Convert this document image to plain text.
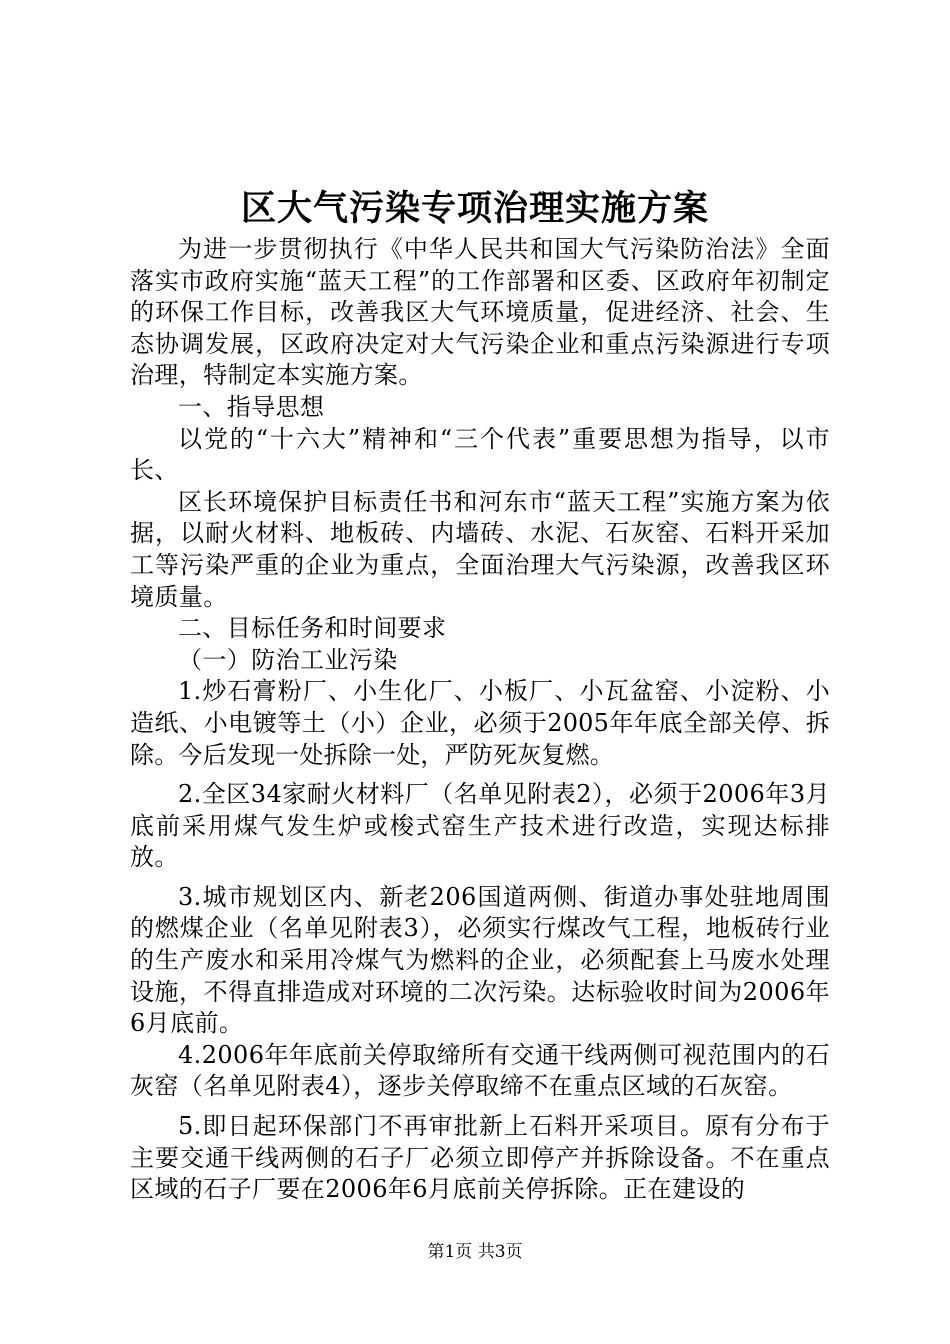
区大气污染专项治理实施方案

为进一步贯彻执行《中华人民共和国大气污染防治法》全面落实市政府实施“蓝天工程”的工作部署和区委、区政府年初制定的环保工作目标，改善我区大气环境质量，促进经济、社会、生态协调发展，区政府决定对大气污染企业和重点污染源进行专项治理，特制定本实施方案。

一、指导思想

以党的“十六大”精神和“三个代表”重要思想为指导，以市长、

区长环境保护目标责任书和河东市“蓝天工程”实施方案为依据，以耐火材料、地板砖、内墙砖、水泥、石灰窑、石料开采加工等污染严重的企业为重点，全面治理大气污染源，改善我区环境质量。

二、目标任务和时间要求

（一）防治工业污染

1.炒石膏粉厂、小生化厂、小板厂、小瓦盆窑、小淀粉、小造纸、小电镀等土（小）企业，必须于2005年年底全部关停、拆除。今后发现一处拆除一处，严防死灰复燃。

2.全区34家耐火材料厂（名单见附表2），必须于2006年3月底前采用煤气发生炉或梭式窑生产技术进行改造，实现达标排放。

3.城市规划区内、新老206国道两侧、街道办事处驻地周围的燃煤企业（名单见附表3），必须实行煤改气工程，地板砖行业的生产废水和采用冷煤气为燃料的企业，必须配套上马废水处理设施，不得直排造成对环境的二次污染。达标验收时间为2006年6月底前。

4.2006年年底前关停取缔所有交通干线两侧可视范围内的石灰窑（名单见附表4），逐步关停取缔不在重点区域的石灰窑。

5.即日起环保部门不再审批新上石料开采项目。原有分布于主要交通干线两侧的石子厂必须立即停产并拆除设备。不在重点区域的石子厂要在2006年6月底前关停拆除。正在建设的

第1页 共3页
